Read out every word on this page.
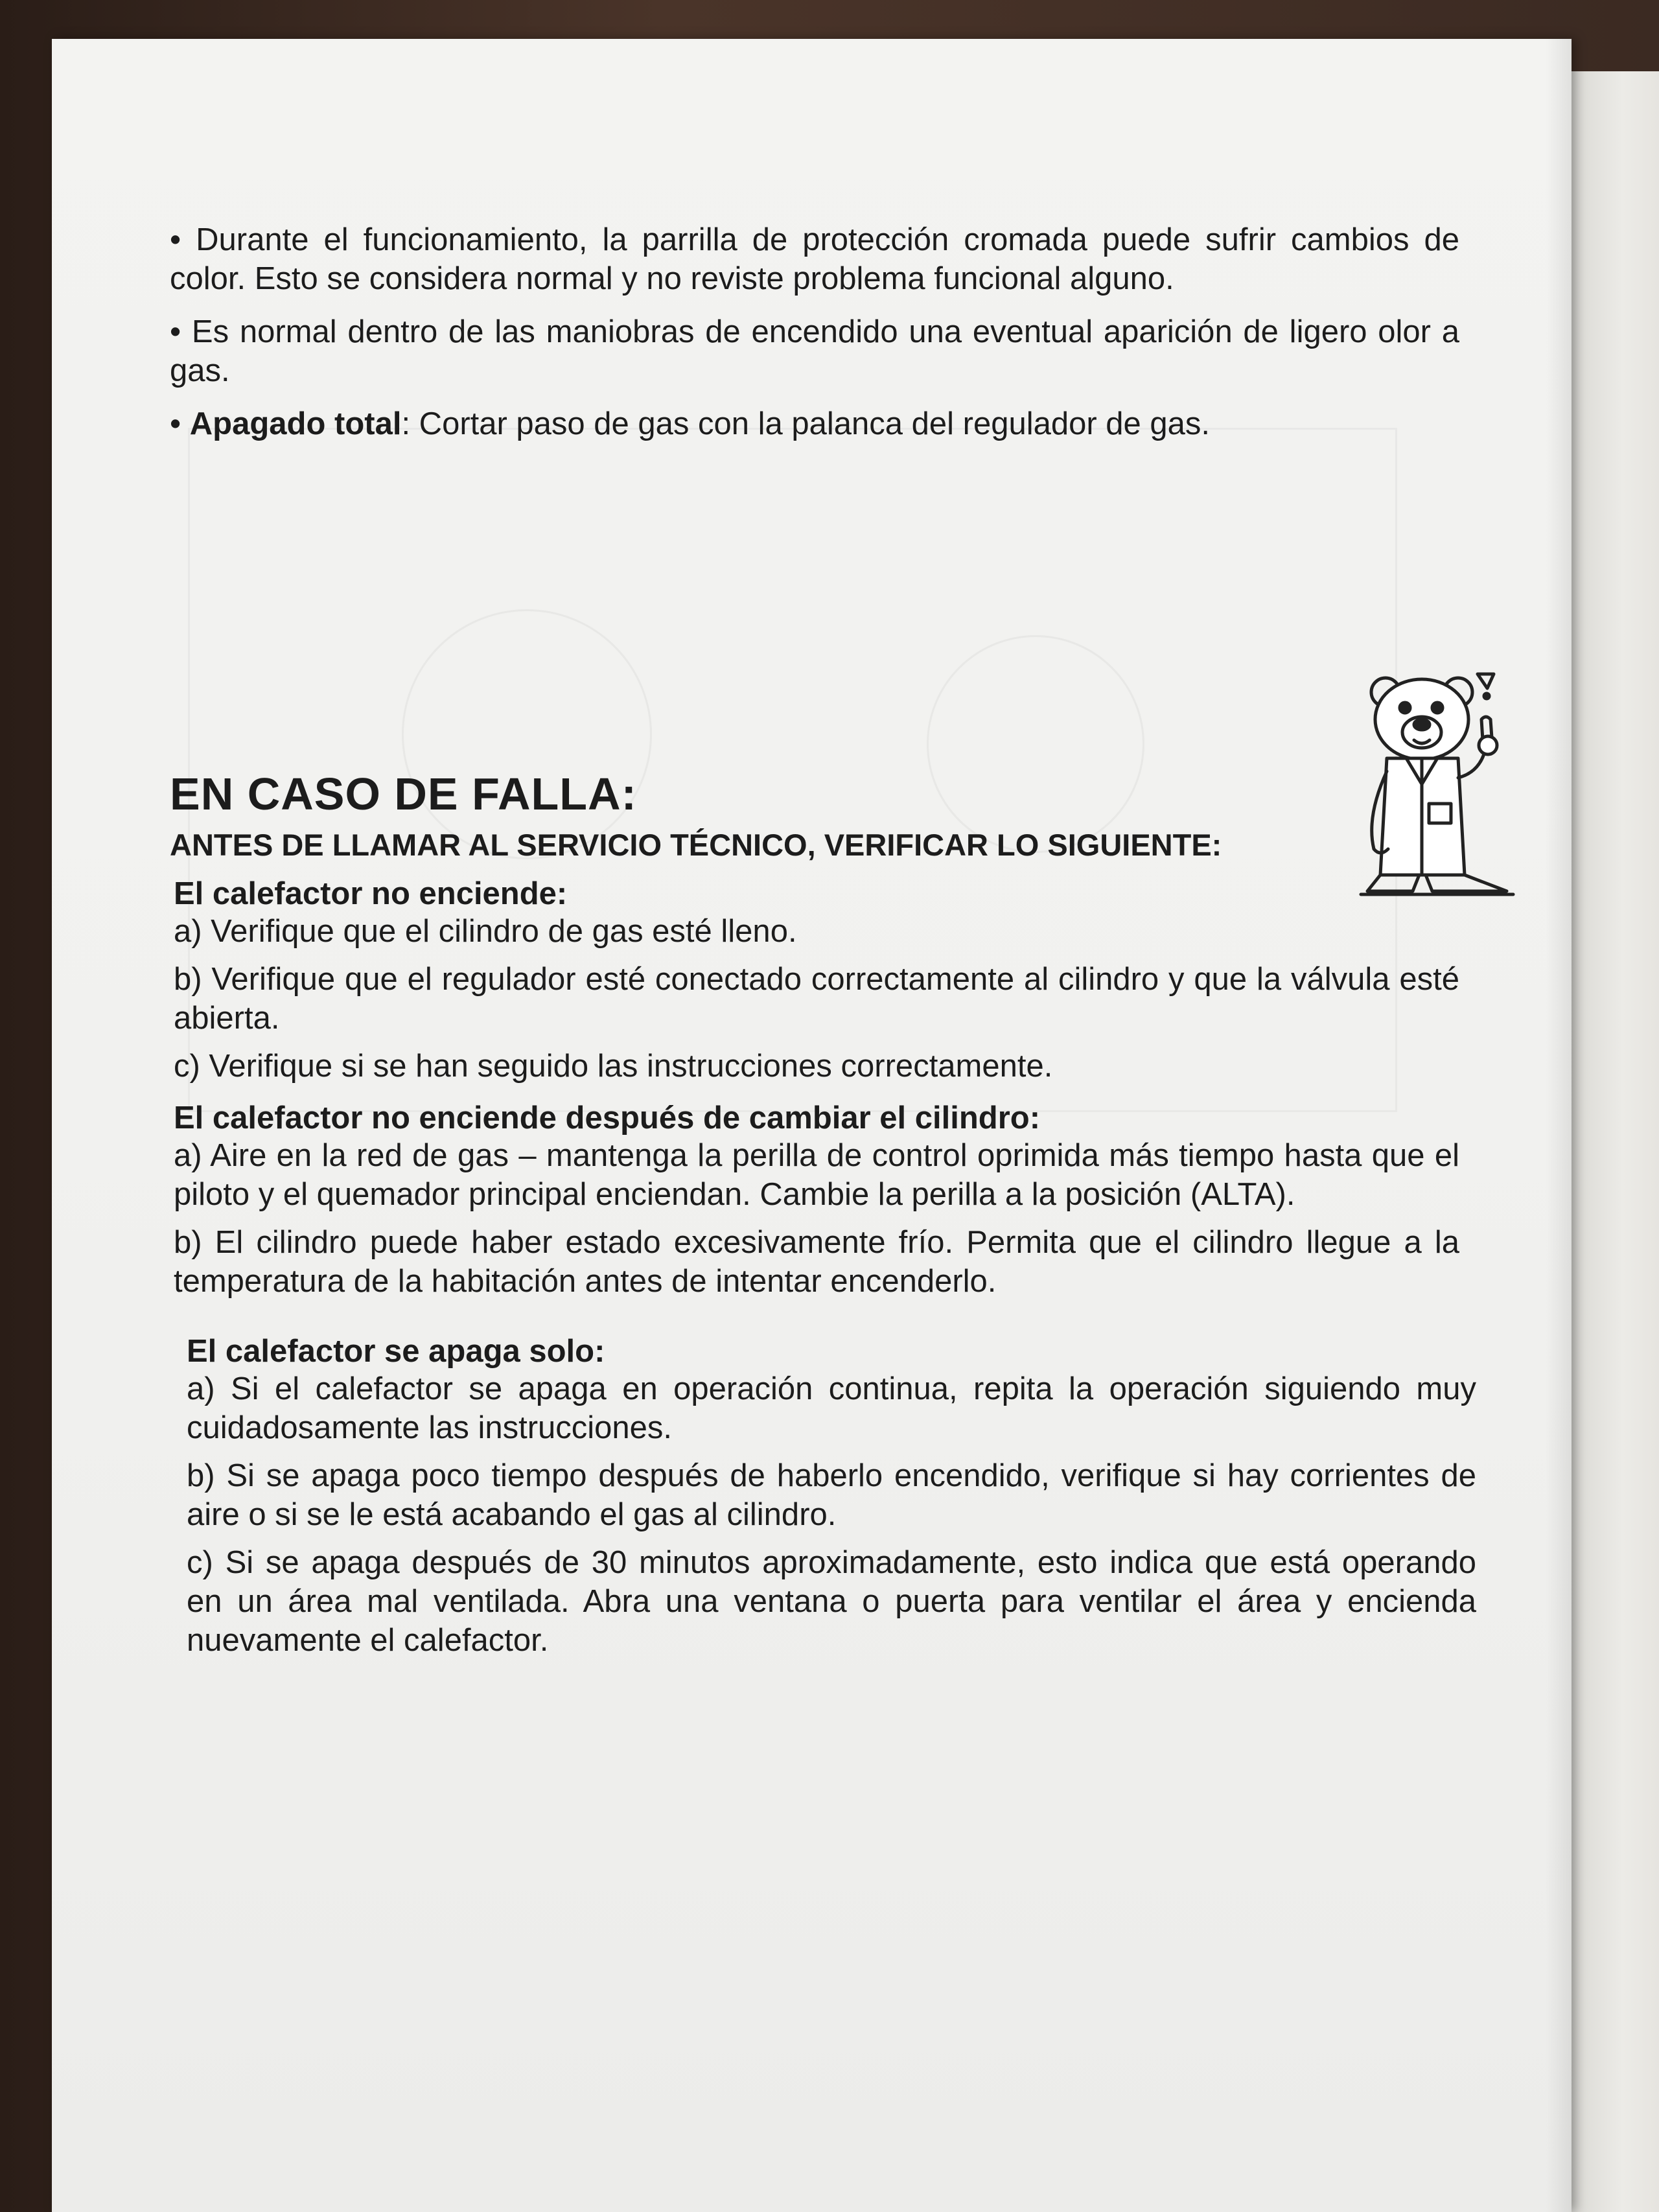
• Durante el funcionamiento, la parrilla de protección cromada puede sufrir cambios de color. Esto se considera normal y no reviste problema funcional alguno.

• Es normal dentro de las maniobras de encendido una eventual aparición de ligero olor a gas.

• Apagado total: Cortar paso de gas con la palanca del regulador de gas.

EN CASO DE FALLA:
ANTES DE LLAMAR AL SERVICIO TÉCNICO, VERIFICAR LO SIGUIENTE:
El calefactor no enciende:
a) Verifique que el cilindro de gas esté lleno.
b) Verifique que el regulador esté conectado correctamente al cilindro y que la válvula esté abierta.
c) Verifique si se han seguido las instrucciones correctamente.
El calefactor no enciende después de cambiar el cilindro:
a) Aire en la red de gas – mantenga la perilla de control oprimida más tiempo hasta que el piloto y el quemador principal enciendan. Cambie la perilla a la posición (ALTA).
b) El cilindro puede haber estado excesivamente frío. Permita que el cilindro llegue a la temperatura de la habitación antes de intentar encenderlo.
El calefactor se apaga solo:
a) Si el calefactor se apaga en operación continua, repita la operación siguiendo muy cuidadosamente las instrucciones.
b) Si se apaga poco tiempo después de haberlo encendido, verifique si hay corrientes de aire o si se le está acabando el gas al cilindro.
c) Si se apaga después de 30 minutos aproximadamente, esto indica que está operando en un área mal ventilada. Abra una ventana o puerta para ventilar el área y encienda nuevamente el calefactor.
